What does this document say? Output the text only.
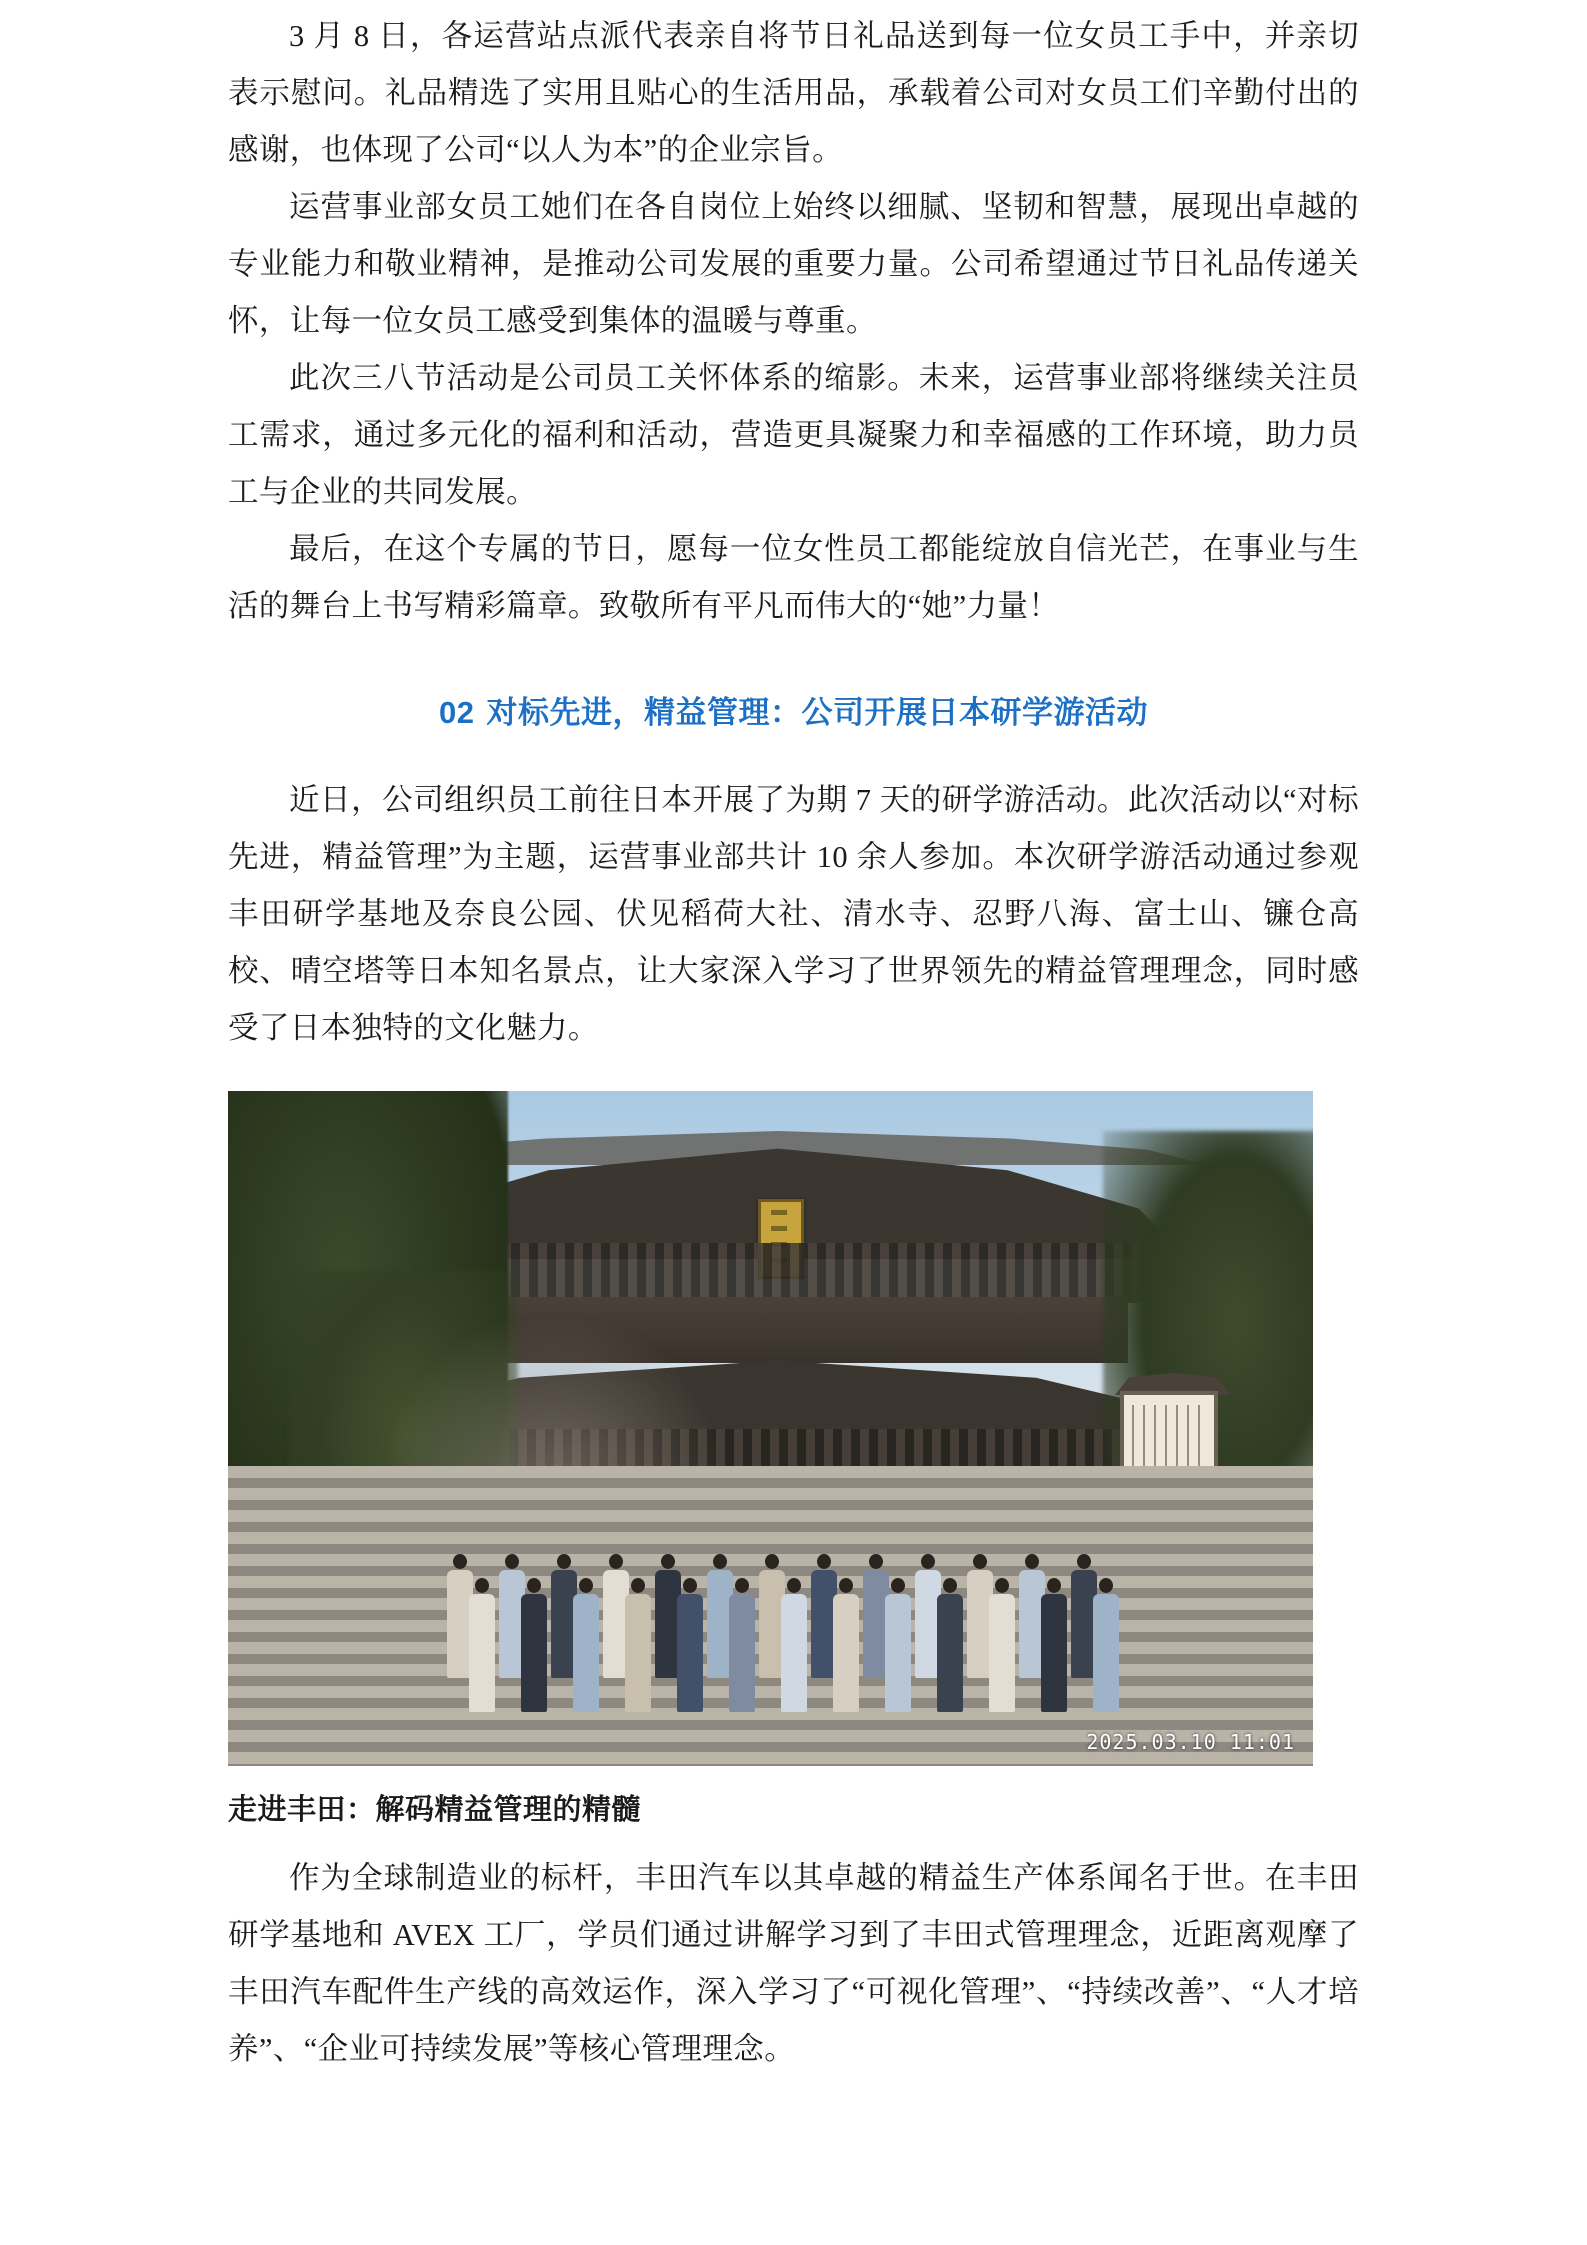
3 月 8 日，各运营站点派代表亲自将节日礼品送到每一位女员工手中，并亲切表示慰问。礼品精选了实用且贴心的生活用品，承载着公司对女员工们辛勤付出的感谢，也体现了公司“以人为本”的企业宗旨。

运营事业部女员工她们在各自岗位上始终以细腻、坚韧和智慧，展现出卓越的专业能力和敬业精神，是推动公司发展的重要力量。公司希望通过节日礼品传递关怀，让每一位女员工感受到集体的温暖与尊重。

此次三八节活动是公司员工关怀体系的缩影。未来，运营事业部将继续关注员工需求，通过多元化的福利和活动，营造更具凝聚力和幸福感的工作环境，助力员工与企业的共同发展。

最后，在这个专属的节日，愿每一位女性员工都能绽放自信光芒，在事业与生活的舞台上书写精彩篇章。致敬所有平凡而伟大的“她”力量！

02 对标先进，精益管理：公司开展日本研学游活动

近日，公司组织员工前往日本开展了为期 7 天的研学游活动。此次活动以“对标先进，精益管理”为主题，运营事业部共计 10 余人参加。本次研学游活动通过参观丰田研学基地及奈良公园、伏见稻荷大社、清水寺、忍野八海、富士山、镰仓高校、晴空塔等日本知名景点，让大家深入学习了世界领先的精益管理理念，同时感受了日本独特的文化魅力。

2025.03.10 11:01
走进丰田：解码精益管理的精髓

作为全球制造业的标杆，丰田汽车以其卓越的精益生产体系闻名于世。在丰田研学基地和 AVEX 工厂，学员们通过讲解学习到了丰田式管理理念，近距离观摩了丰田汽车配件生产线的高效运作，深入学习了“可视化管理”、“持续改善”、“人才培养”、“企业可持续发展”等核心管理理念。
